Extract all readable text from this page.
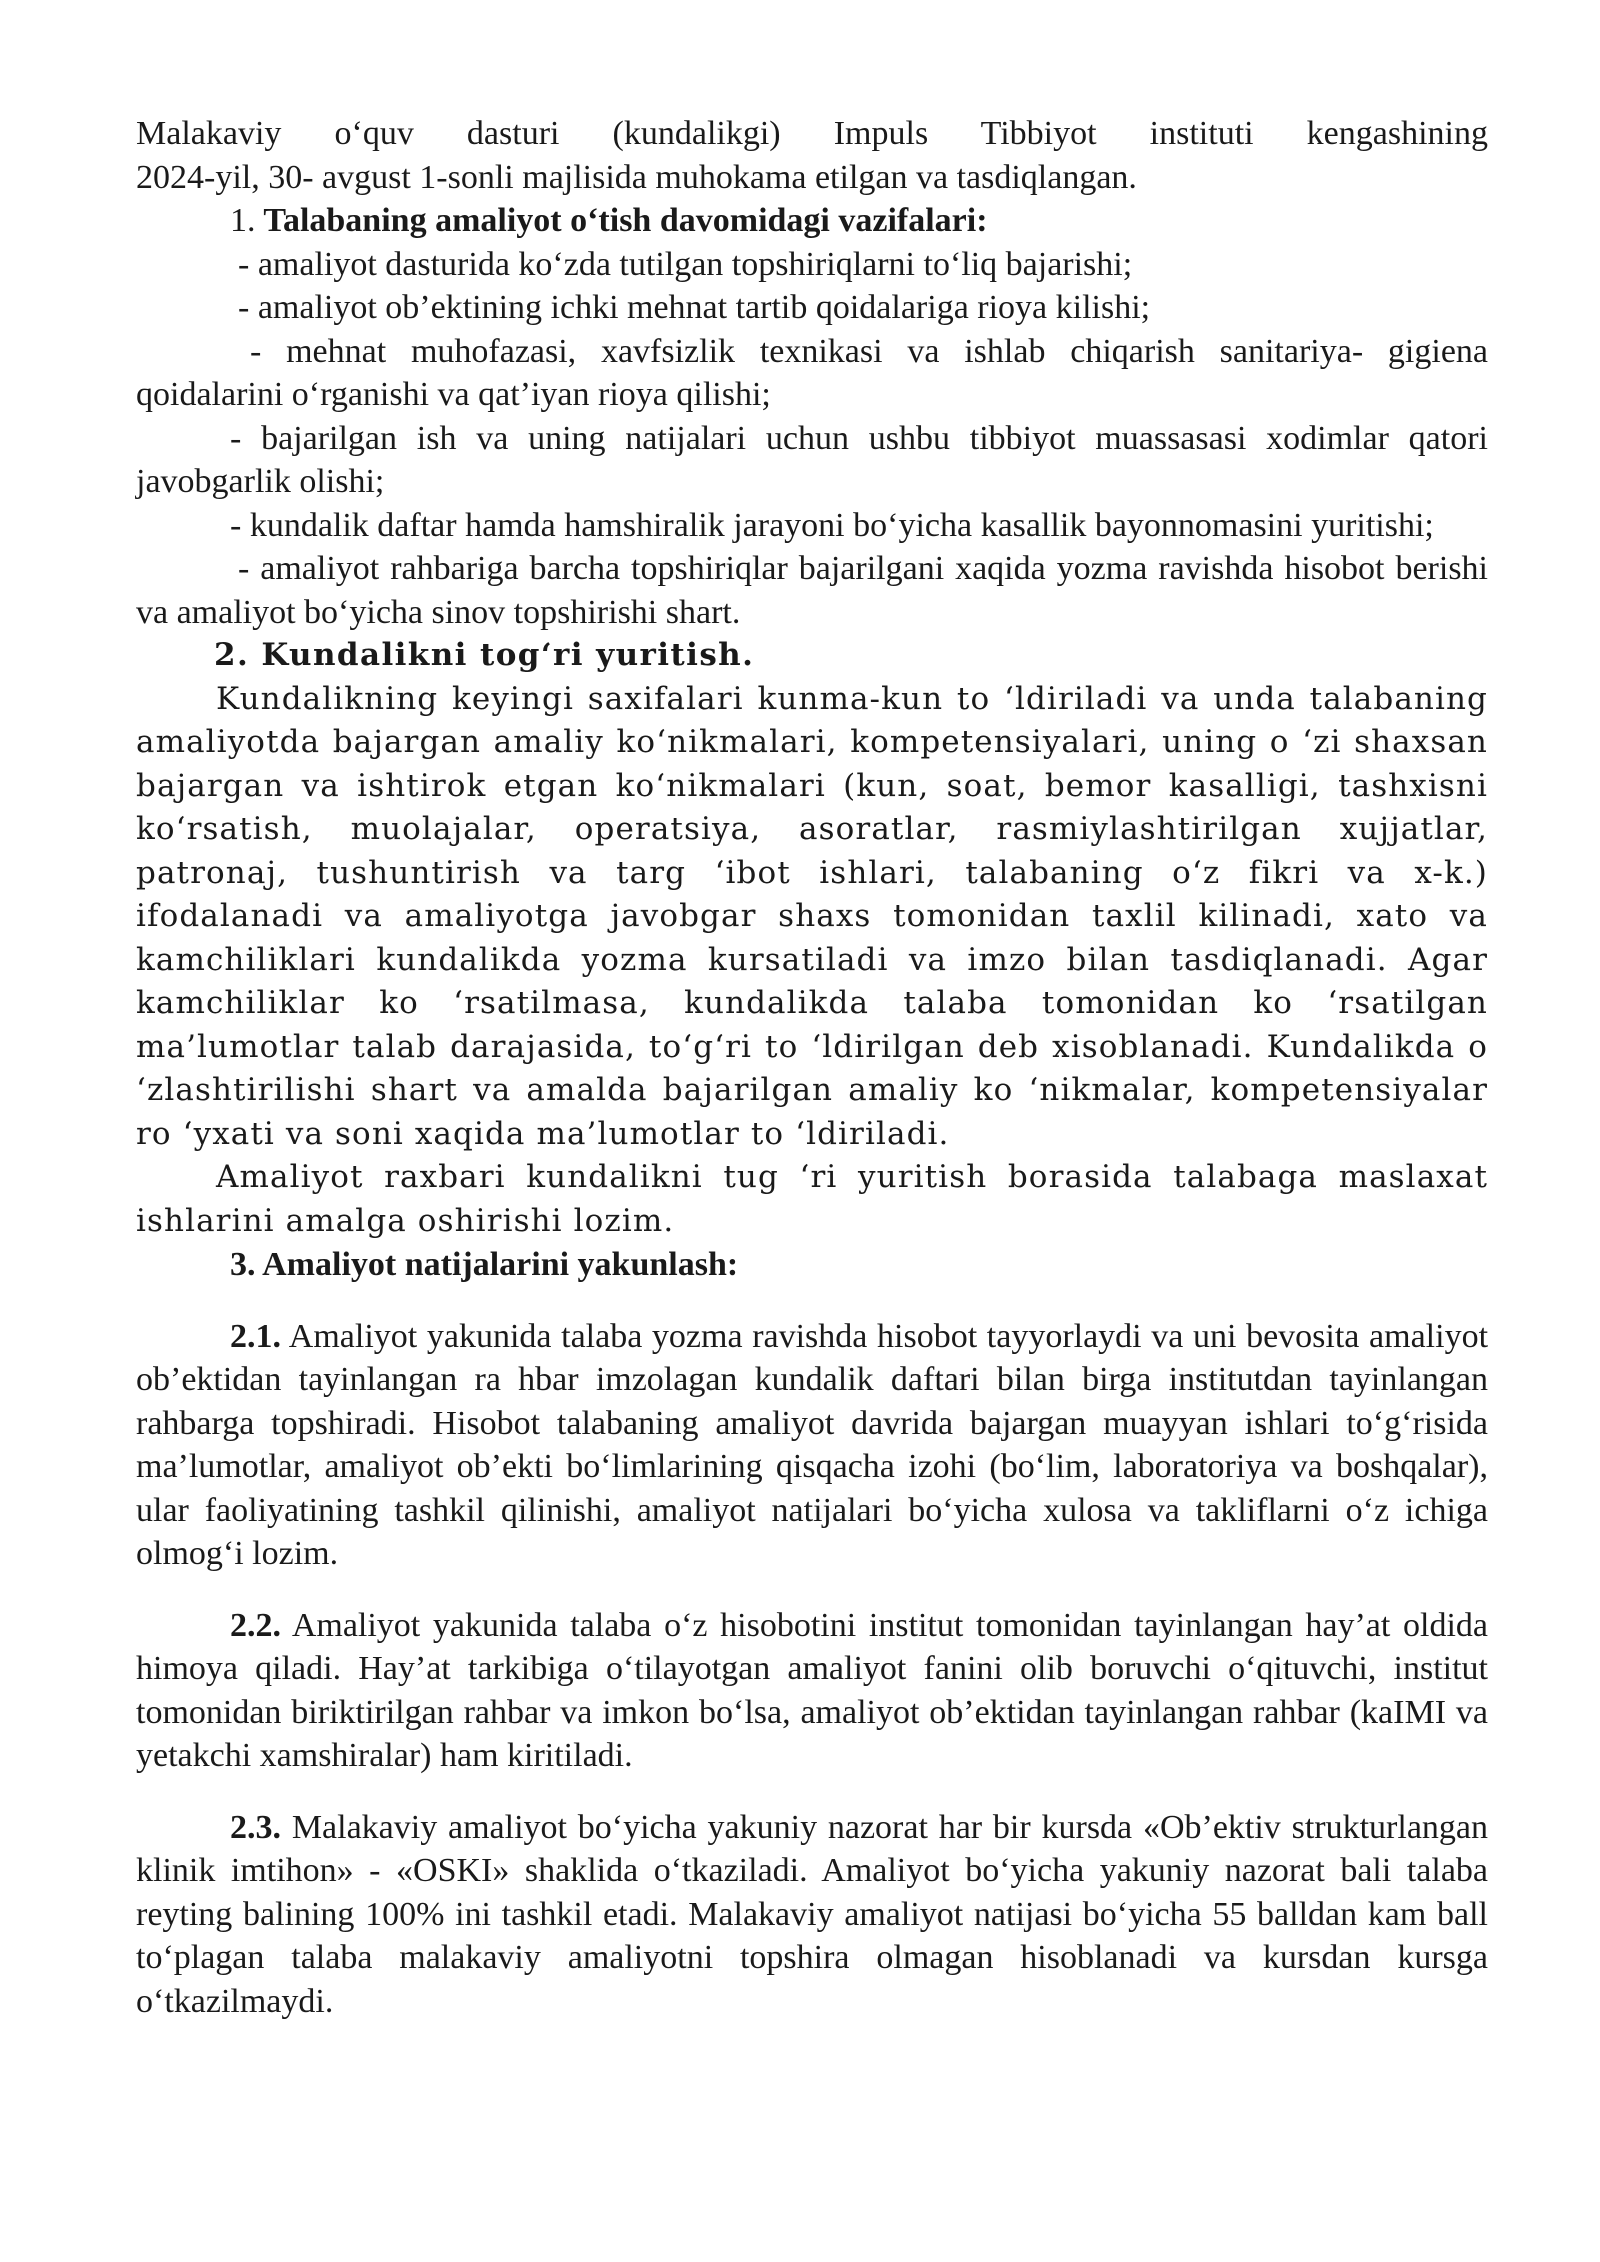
Malakaviy o‘quv dasturi (kundalikgi) Impuls Tibbiyot instituti kengashining

2024-yil, 30- avgust 1-sonli majlisida muhokama etilgan va tasdiqlangan.

1. Talabaning amaliyot o‘tish davomidagi vazifalari:

- amaliyot dasturida ko‘zda tutilgan topshiriqlarni to‘liq bajarishi;

- amaliyot ob’ektining ichki mehnat tartib qoidalariga rioya kilishi;

- mehnat muhofazasi, xavfsizlik texnikasi va ishlab chiqarish sanitariya- gigiena qoidalarini o‘rganishi va qat’iyan rioya qilishi;

- bajarilgan ish va uning natijalari uchun ushbu tibbiyot muassasasi xodimlar qatori javobgarlik olishi;

- kundalik daftar hamda hamshiralik jarayoni bo‘yicha kasallik bayonnomasini yuritishi;

- amaliyot rahbariga barcha topshiriqlar bajarilgani xaqida yozma ravishda hisobot berishi va amaliyot bo‘yicha sinov topshirishi shart.

2. Kundalikni tog‘ri yuritish.

Kundalikning keyingi saxifalari kunma-kun to ‘ldiriladi va unda talabaning amaliyotda bajargan amaliy ko‘nikmalari, kompetensiyalari, uning o ‘zi shaxsan bajargan va ishtirok etgan ko‘nikmalari (kun, soat, bemor kasalligi, tashxisni ko‘rsatish, muolajalar, operatsiya, asoratlar, rasmiylashtirilgan xujjatlar, patronaj, tushuntirish va targ ‘ibot ishlari, talabaning o‘z fikri va x-k.) ifodalanadi va amaliyotga javobgar shaxs tomonidan taxlil kilinadi, xato va kamchiliklari kundalikda yozma kursatiladi va imzo bilan tasdiqlanadi. Agar kamchiliklar ko ‘rsatilmasa, kundalikda talaba tomonidan ko ‘rsatilgan ma’lumotlar talab darajasida, to‘g‘ri to ‘ldirilgan deb xisoblanadi. Kundalikda o ‘zlashtirilishi shart va amalda bajarilgan amaliy ko ‘nikmalar, kompetensiyalar ro ‘yxati va soni xaqida ma’lumotlar to ‘ldiriladi.

Amaliyot raxbari kundalikni tug ‘ri yuritish borasida talabaga maslaxat ishlarini amalga oshirishi lozim.

3. Amaliyot natijalarini yakunlash:

2.1. Amaliyot yakunida talaba yozma ravishda hisobot tayyorlaydi va uni bevosita amaliyot ob’ektidan tayinlangan ra hbar imzolagan kundalik daftari bilan birga institutdan tayinlangan rahbarga topshiradi. Hisobot talabaning amaliyot davrida bajargan muayyan ishlari to‘g‘risida ma’lumotlar, amaliyot ob’ekti bo‘limlarining qisqacha izohi (bo‘lim, laboratoriya va boshqalar), ular faoliyatining tashkil qilinishi, amaliyot natijalari bo‘yicha xulosa va takliflarni o‘z ichiga olmog‘i lozim.

2.2. Amaliyot yakunida talaba o‘z hisobotini institut tomonidan tayinlangan hay’at oldida himoya qiladi. Hay’at tarkibiga o‘tilayotgan amaliyot fanini olib boruvchi o‘qituvchi, institut tomonidan biriktirilgan rahbar va imkon bo‘lsa, amaliyot ob’ektidan tayinlangan rahbar (kaIMI va yetakchi xamshiralar) ham kiritiladi.

2.3. Malakaviy amaliyot bo‘yicha yakuniy nazorat har bir kursda «Ob’ektiv strukturlangan klinik imtihon» - «OSKI» shaklida o‘tkaziladi. Amaliyot bo‘yicha yakuniy nazorat bali talaba reyting balining 100% ini tashkil etadi. Malakaviy amaliyot natijasi bo‘yicha 55 balldan kam ball to‘plagan talaba malakaviy amaliyotni topshira olmagan hisoblanadi va kursdan kursga o‘tkazilmaydi.
